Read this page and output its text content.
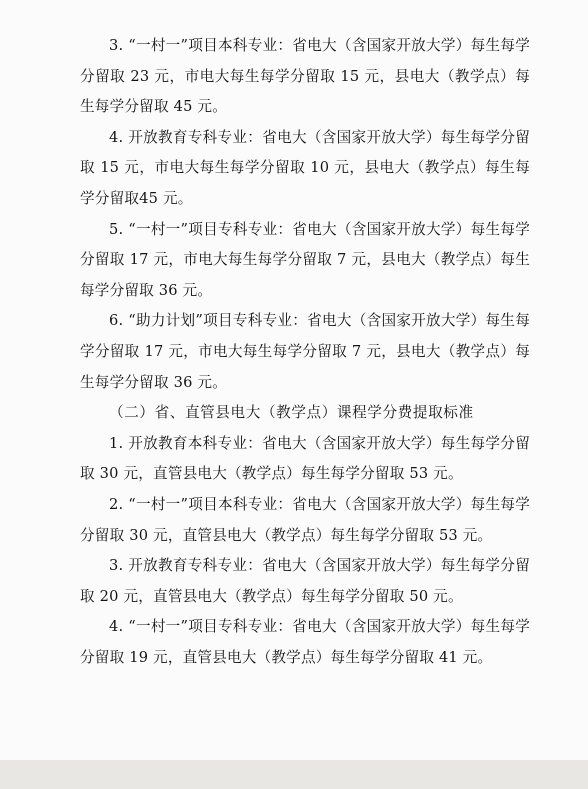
3. “一村一”项目本科专业：省电大（含国家开放大学）每生每学分留取 23 元，市电大每生每学分留取 15 元，县电大（教学点）每生每学分留取 45 元。

4. 开放教育专科专业：省电大（含国家开放大学）每生每学分留取 15 元，市电大每生每学分留取 10 元，县电大（教学点）每生每学分留取45 元。

5. “一村一”项目专科专业：省电大（含国家开放大学）每生每学分留取 17 元，市电大每生每学分留取 7 元，县电大（教学点）每生每学分留取 36 元。

6. “助力计划”项目专科专业：省电大（含国家开放大学）每生每学分留取 17 元，市电大每生每学分留取 7 元，县电大（教学点）每生每学分留取 36 元。

（二）省、直管县电大（教学点）课程学分费提取标准

1. 开放教育本科专业：省电大（含国家开放大学）每生每学分留取 30 元，直管县电大（教学点）每生每学分留取 53 元。

2. “一村一”项目本科专业：省电大（含国家开放大学）每生每学分留取 30 元，直管县电大（教学点）每生每学分留取 53 元。

3. 开放教育专科专业：省电大（含国家开放大学）每生每学分留取 20 元，直管县电大（教学点）每生每学分留取 50 元。

4. “一村一”项目专科专业：省电大（含国家开放大学）每生每学分留取 19 元，直管县电大（教学点）每生每学分留取 41 元。
